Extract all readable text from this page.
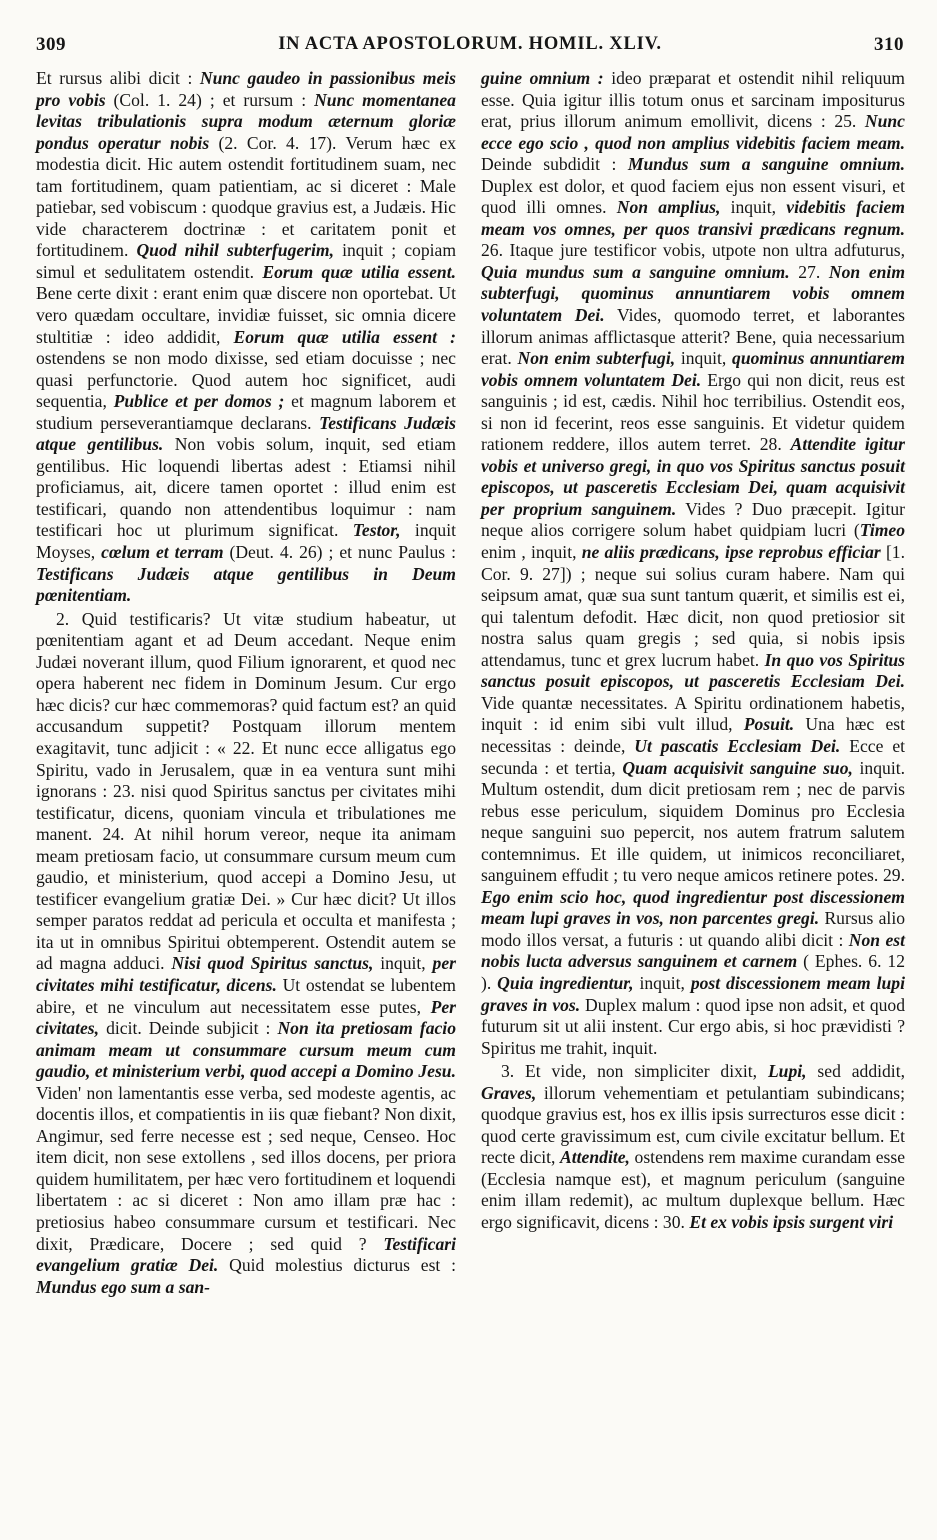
309	IN ACTA APOSTOLORUM. HOMIL. XLIV.	310

Et rursus alibi dicit : Nunc gaudeo in passionibus meis pro vobis (Col. 1. 24) ; et rursum : Nunc momentanea levitas tribulationis supra modum æternum gloriæ pondus operatur nobis (2. Cor. 4. 17). Verum hæc ex modestia dicit. Hic autem ostendit fortitudinem suam, nec tam fortitudinem, quam patientiam, ac si diceret : Male patiebar, sed vobiscum : quodque gravius est, a Judæis. Hic vide characterem doctrinæ : et caritatem ponit et fortitudinem. Quod nihil subterfugerim, inquit ; copiam simul et sedulitatem ostendit. Eorum quæ utilia essent. Bene certe dixit : erant enim quæ discere non oportebat. Ut vero quædam occultare, invidiæ fuisset, sic omnia dicere stultitiæ : ideo addidit, Eorum quæ utilia essent : ostendens se non modo dixisse, sed etiam docuisse ; nec quasi perfunctorie. Quod autem hoc significet, audi sequentia, Publice et per domos ; et magnum laborem et studium perseverantiamque declarans. Testificans Judæis atque gentilibus. Non vobis solum, inquit, sed etiam gentilibus. Hic loquendi libertas adest : Etiamsi nihil proficiamus, ait, dicere tamen oportet : illud enim est testificari, quando non attendentibus loquimur : nam testificari hoc ut plurimum significat. Testor, inquit Moyses, cœlum et terram (Deut. 4. 26) ; et nunc Paulus : Testificans Judæis atque gentilibus in Deum pœnitentiam.

2. Quid testificaris? Ut vitæ studium habeatur, ut pœnitentiam agant et ad Deum accedant. Neque enim Judæi noverant illum, quod Filium ignorarent, et quod nec opera haberent nec fidem in Dominum Jesum. Cur ergo hæc dicis? cur hæc commemoras? quid factum est? an quid accusandum suppetit? Postquam illorum mentem exagitavit, tunc adjicit : « 22. Et nunc ecce alligatus ego Spiritu, vado in Jerusalem, quæ in ea ventura sunt mihi ignorans : 23. nisi quod Spiritus sanctus per civitates mihi testificatur, dicens, quoniam vincula et tribulationes me manent. 24. At nihil horum vereor, neque ita animam meam pretiosam facio, ut consummare cursum meum cum gaudio, et ministerium, quod accepi a Domino Jesu, ut testificer evangelium gratiæ Dei. » Cur hæc dicit? Ut illos semper paratos reddat ad pericula et occulta et manifesta ; ita ut in omnibus Spiritui obtemperent. Ostendit autem se ad magna adduci. Nisi quod Spiritus sanctus, inquit, per civitates mihi testificatur, dicens. Ut ostendat se lubentem abire, et ne vinculum aut necessitatem esse putes, Per civitates, dicit. Deinde subjicit : Non ita pretiosam facio animam meam ut consummare cursum meum cum gaudio, et ministerium verbi, quod accepi a Domino Jesu. Viden' non lamentantis esse verba, sed modeste agentis, ac docentis illos, et compatientis in iis quæ fiebant? Non dixit, Angimur, sed ferre necesse est ; sed neque, Censeo. Hoc item dicit, non sese extollens , sed illos docens, per priora quidem humilitatem, per hæc vero fortitudinem et loquendi libertatem : ac si diceret : Non amo illam præ hac : pretiosius habeo consummare cursum et testificari. Nec dixit, Prædicare, Docere ; sed quid ? Testificari evangelium gratiæ Dei. Quid molestius dicturus est : Mundus ego sum a san-

guine omnium : ideo præparat et ostendit nihil reliquum esse. Quia igitur illis totum onus et sarcinam impositurus erat, prius illorum animum emollivit, dicens : 25. Nunc ecce ego scio , quod non amplius videbitis faciem meam. Deinde subdidit : Mundus sum a sanguine omnium. Duplex est dolor, et quod faciem ejus non essent visuri, et quod illi omnes. Non amplius, inquit, videbitis faciem meam vos omnes, per quos transivi prædicans regnum. 26. Itaque jure testificor vobis, utpote non ultra adfuturus, Quia mundus sum a sanguine omnium. 27. Non enim subterfugi, quominus annuntiarem vobis omnem voluntatem Dei. Vides, quomodo terret, et laborantes illorum animas afflictasque atterit? Bene, quia necessarium erat. Non enim subterfugi, inquit, quominus annuntiarem vobis omnem voluntatem Dei. Ergo qui non dicit, reus est sanguinis ; id est, cædis. Nihil hoc terribilius. Ostendit eos, si non id fecerint, reos esse sanguinis. Et videtur quidem rationem reddere, illos autem terret. 28. Attendite igitur vobis et universo gregi, in quo vos Spiritus sanctus posuit episcopos, ut pasceretis Ecclesiam Dei, quam acquisivit per proprium sanguinem. Vides ? Duo præcepit. Igitur neque alios corrigere solum habet quidpiam lucri (Timeo enim , inquit, ne aliis prædicans, ipse reprobus efficiar [1. Cor. 9. 27]) ; neque sui solius curam habere. Nam qui seipsum amat, quæ sua sunt tantum quærit, et similis est ei, qui talentum defodit. Hæc dicit, non quod pretiosior sit nostra salus quam gregis ; sed quia, si nobis ipsis attendamus, tunc et grex lucrum habet. In quo vos Spiritus sanctus posuit episcopos, ut pasceretis Ecclesiam Dei. Vide quantæ necessitates. A Spiritu ordinationem habetis, inquit : id enim sibi vult illud, Posuit. Una hæc est necessitas : deinde, Ut pascatis Ecclesiam Dei. Ecce et secunda : et tertia, Quam acquisivit sanguine suo, inquit. Multum ostendit, dum dicit pretiosam rem ; nec de parvis rebus esse periculum, siquidem Dominus pro Ecclesia neque sanguini suo pepercit, nos autem fratrum salutem contemnimus. Et ille quidem, ut inimicos reconciliaret, sanguinem effudit ; tu vero neque amicos retinere potes. 29. Ego enim scio hoc, quod ingredientur post discessionem meam lupi graves in vos, non parcentes gregi. Rursus alio modo illos versat, a futuris : ut quando alibi dicit : Non est nobis lucta adversus sanguinem et carnem ( Ephes. 6. 12 ). Quia ingredientur, inquit, post discessionem meam lupi graves in vos. Duplex malum : quod ipse non adsit, et quod futurum sit ut alii instent. Cur ergo abis, si hoc prævidisti ? Spiritus me trahit, inquit.

3. Et vide, non simpliciter dixit, Lupi, sed addidit, Graves, illorum vehementiam et petulantiam subindicans; quodque gravius est, hos ex illis ipsis surrecturos esse dicit : quod certe gravissimum est, cum civile excitatur bellum. Et recte dicit, Attendite, ostendens rem maxime curandam esse (Ecclesia namque est), et magnum periculum (sanguine enim illam redemit), ac multum duplexque bellum. Hæc ergo significavit, dicens : 30. Et ex vobis ipsis surgent viri
